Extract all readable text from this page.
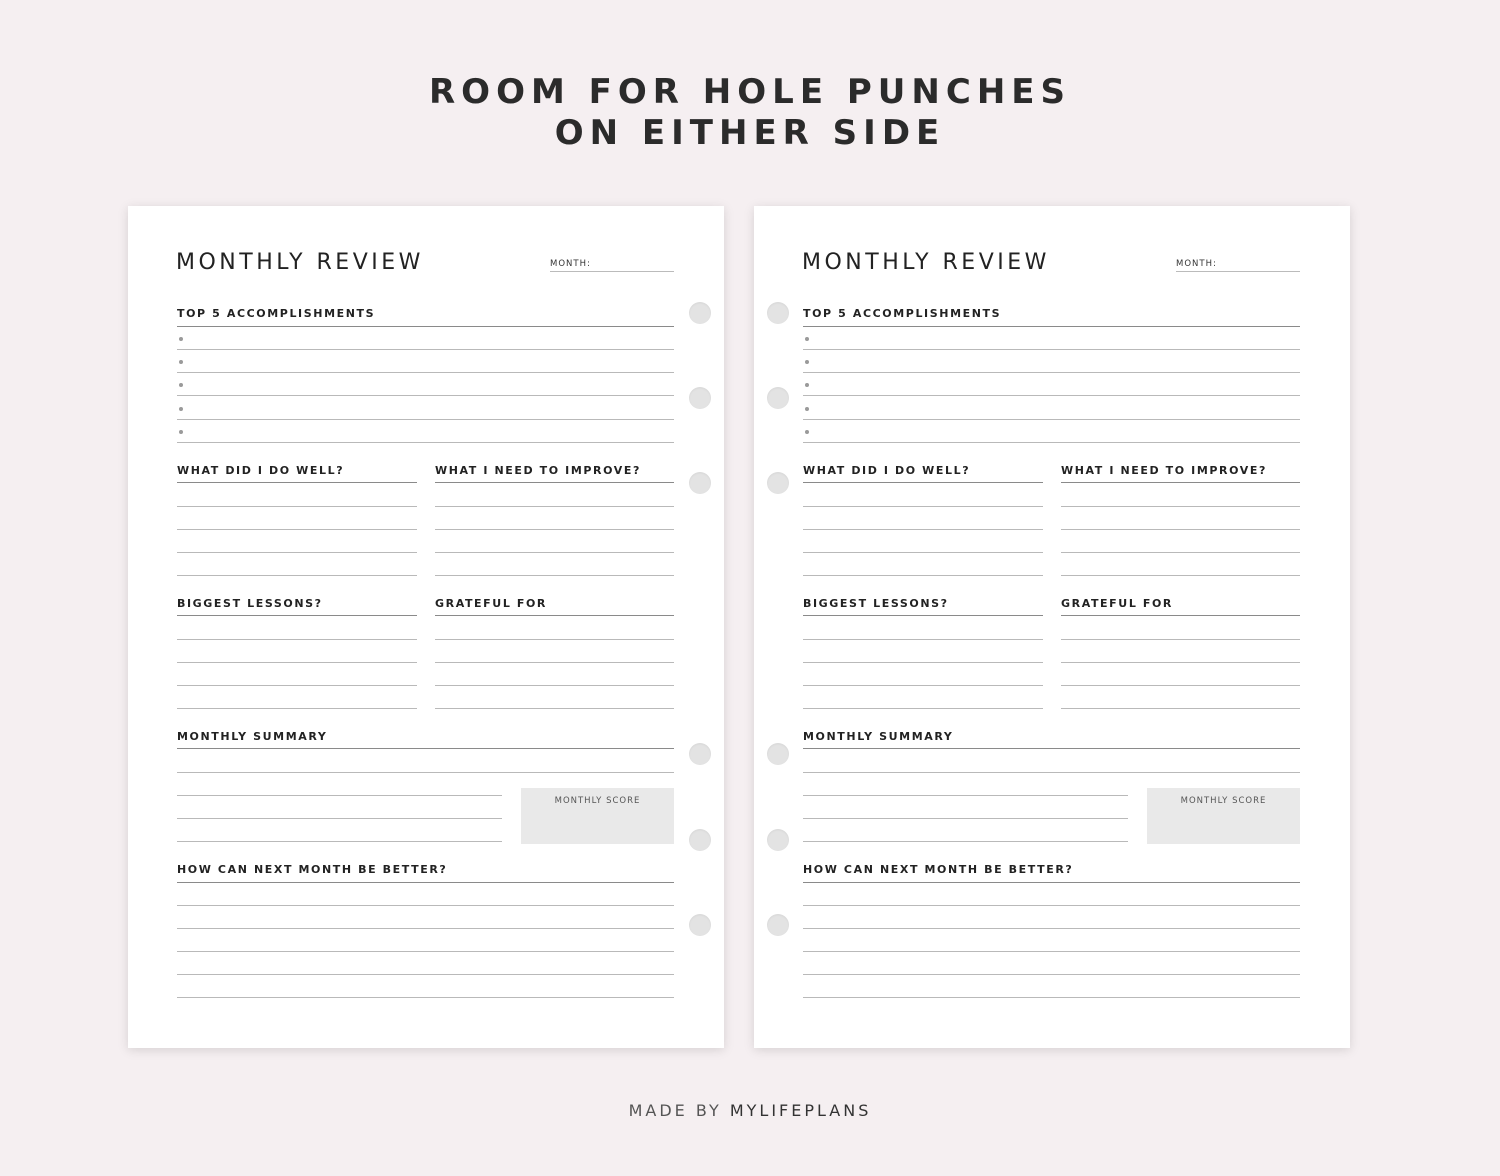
ROOM FOR HOLE PUNCHES
ON EITHER SIDE
MONTHLY REVIEW	MONTH:
TOP 5 ACCOMPLISHMENTS
WHAT DID I DO WELL?	WHAT I NEED TO IMPROVE?
BIGGEST LESSONS?	GRATEFUL FOR
MONTHLY SUMMARY
MONTHLY SCORE
HOW CAN NEXT MONTH BE BETTER?
MONTHLY REVIEW	MONTH:
TOP 5 ACCOMPLISHMENTS
WHAT DID I DO WELL?	WHAT I NEED TO IMPROVE?
BIGGEST LESSONS?	GRATEFUL FOR
MONTHLY SUMMARY
MONTHLY SCORE
HOW CAN NEXT MONTH BE BETTER?
MADE BY MYLIFEPLANS
